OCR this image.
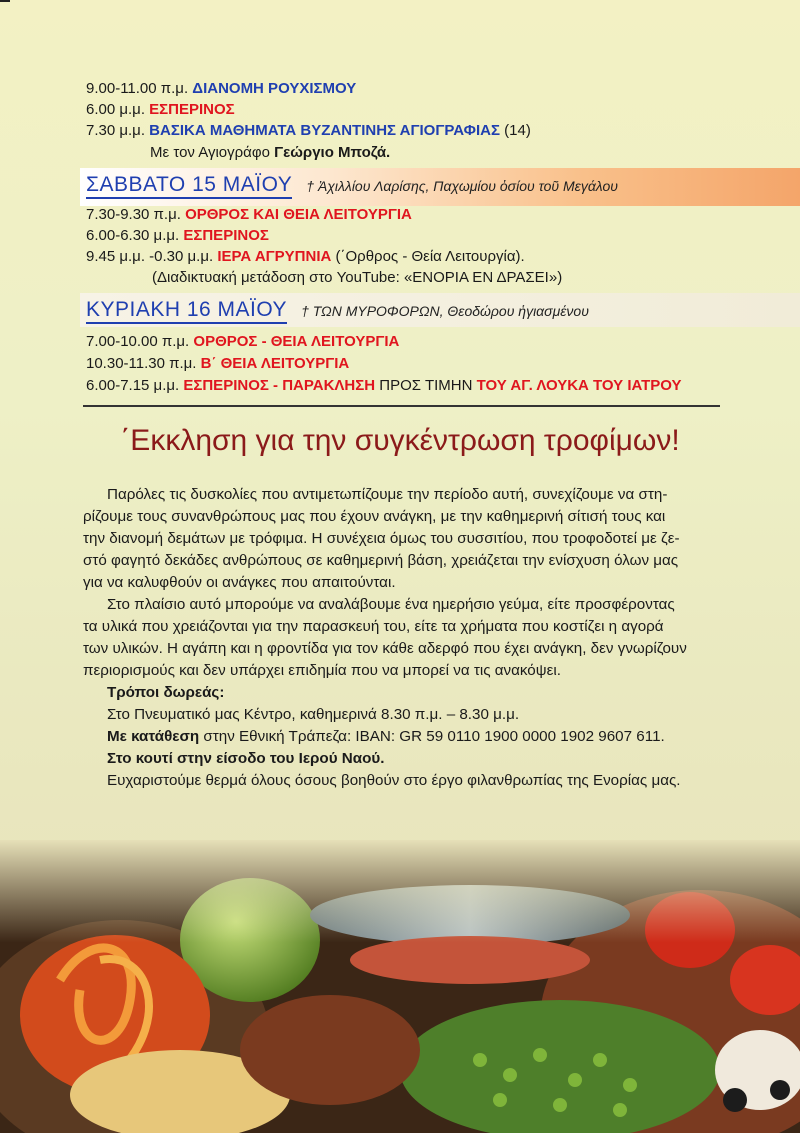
9.00-11.00 π.μ. ΔΙΑΝΟΜΗ ΡΟΥΧΙΣΜΟΥ
6.00 μ.μ. ΕΣΠΕΡΙΝΟΣ
7.30 μ.μ. ΒΑΣΙΚΑ ΜΑΘΗΜΑΤΑ ΒΥΖΑΝΤΙΝΗΣ ΑΓΙΟΓΡΑΦΙΑΣ (14)
Με τον Αγιογράφο Γεώργιο Μποζά.
ΣΑΒΒΑΤΟ 15 ΜΑΪΟΥ † Ἀχιλλίου Λαρίσης, Παχωμίου ὁσίου τοῦ Μεγάλου
7.30-9.30 π.μ. ΟΡΘΡΟΣ ΚΑΙ ΘΕΙΑ ΛΕΙΤΟΥΡΓΙΑ
6.00-6.30 μ.μ. ΕΣΠΕΡΙΝΟΣ
9.45 μ.μ. -0.30 μ.μ. ΙΕΡΑ ΑΓΡΥΠΝΙΑ (΄Ορθρος - Θεία Λειτουργία).
(Διαδικτυακή μετάδοση στο YouTube: «ΕΝΟΡΙΑ ΕΝ ΔΡΑΣΕΙ»)
ΚΥΡΙΑΚΗ 16 ΜΑΪΟΥ † ΤΩΝ ΜΥΡΟΦΟΡΩΝ, Θεοδώρου ἡγιασμένου
7.00-10.00 π.μ. ΟΡΘΡΟΣ - ΘΕΙΑ ΛΕΙΤΟΥΡΓΙΑ
10.30-11.30 π.μ. Β΄ ΘΕΙΑ ΛΕΙΤΟΥΡΓΙΑ
6.00-7.15 μ.μ. ΕΣΠΕΡΙΝΟΣ - ΠΑΡΑΚΛΗΣΗ ΠΡΟΣ ΤΙΜΗΝ ΤΟΥ ΑΓ. ΛΟΥΚΑ ΤΟΥ ΙΑΤΡΟΥ
΄Εκκληση για την συγκέντρωση τροφίμων!
Παρόλες τις δυσκολίες που αντιμετωπίζουμε την περίοδο αυτή, συνεχίζουμε να στη-
ρίζουμε τους συνανθρώπους μας που έχουν ανάγκη, με την καθημερινή σίτισή τους και
την διανομή δεμάτων με τρόφιμα. Η συνέχεια όμως του συσσιτίου, που τροφοδοτεί με ζε-
στό φαγητό δεκάδες ανθρώπους σε καθημερινή βάση, χρειάζεται την ενίσχυση όλων μας
για να καλυφθούν οι ανάγκες που απαιτούνται.
Στο πλαίσιο αυτό μπορούμε να αναλάβουμε ένα ημερήσιο γεύμα, είτε προσφέροντας
τα υλικά που χρειάζονται για την παρασκευή του, είτε τα χρήματα που κοστίζει η αγορά
των υλικών. Η αγάπη και η φροντίδα για τον κάθε αδερφό που έχει ανάγκη, δεν γνωρίζουν
περιορισμούς και δεν υπάρχει επιδημία που να μπορεί να τις ανακόψει.
Τρόποι δωρεάς:
Στο Πνευματικό μας Κέντρο, καθημερινά 8.30 π.μ. – 8.30 μ.μ.
Με κατάθεση στην Εθνική Τράπεζα: IBAN: GR 59 0110 1900 0000 1902 9607 611.
Στο κουτί στην είσοδο του Ιερού Ναού.
Ευχαριστούμε θερμά όλους όσους βοηθούν στο έργο φιλανθρωπίας της Ενορίας μας.
